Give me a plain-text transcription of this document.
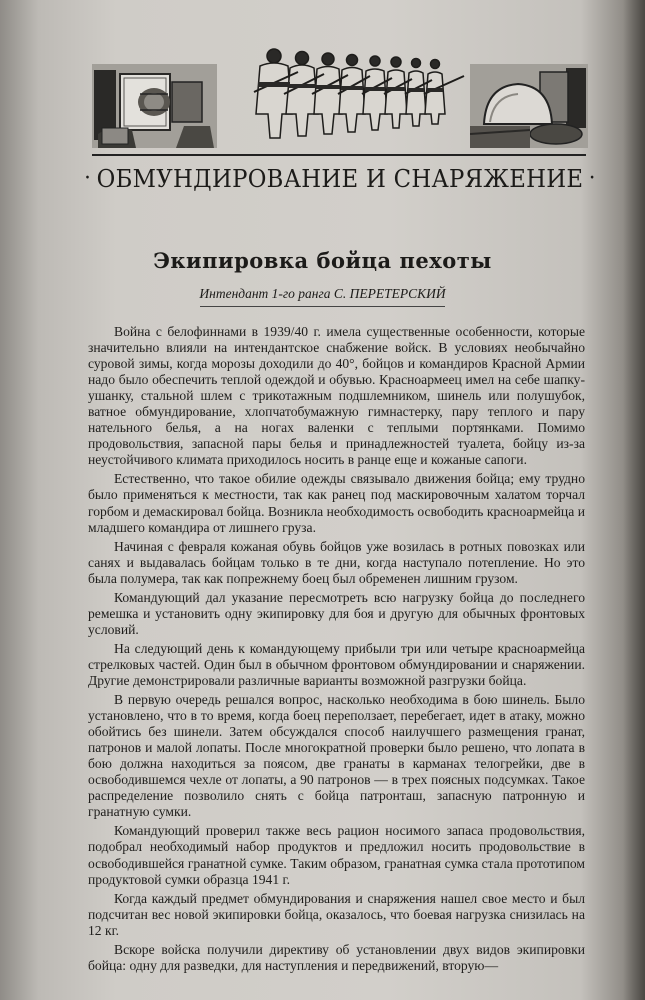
· ОБМУНДИРОВАНИЕ И СНАРЯЖЕНИЕ ·
Экипировка бойца пехоты
Интендант 1-го ранга С. ПЕРЕТЕРСКИЙ

Война с белофиннами в 1939/40 г. имела существенные особенности, которые значительно влияли на интендантское снабжение войск. В условиях необычайно суровой зимы, когда морозы доходили до 40°, бойцов и командиров Красной Армии надо было обеспечить теплой одеждой и обувью. Красноармеец имел на себе шапку-ушанку, стальной шлем с трикотажным подшлемником, шинель или полушубок, ватное обмундирование, хлопчатобумажную гимнастерку, пару теплого и пару нательного белья, а на ногах валенки с теплыми портянками. Помимо продовольствия, запасной пары белья и принадлежностей туалета, бойцу из-за неустойчивого климата приходилось носить в ранце еще и кожаные сапоги.

Естественно, что такое обилие одежды связывало движения бойца; ему трудно было применяться к местности, так как ранец под маскировочным халатом торчал горбом и демаскировал бойца. Возникла необходимость освободить красноармейца и младшего командира от лишнего груза.

Начиная с февраля кожаная обувь бойцов уже возилась в ротных повозках или санях и выдавалась бойцам только в те дни, когда наступало потепление. Но это была полумера, так как попрежнему боец был обременен лишним грузом.

Командующий дал указание пересмотреть всю нагрузку бойца до последнего ремешка и установить одну экипировку для боя и другую для обычных фронтовых условий.

На следующий день к командующему прибыли три или четыре красноармейца стрелковых частей. Один был в обычном фронтовом обмундировании и снаряжении. Другие демонстрировали различные варианты возможной разгрузки бойца.

В первую очередь решался вопрос, насколько необходима в бою шинель. Было установлено, что в то время, когда боец переползает, перебегает, идет в атаку, можно обойтись без шинели. Затем обсуждался способ наилучшего размещения гранат, патронов и малой лопаты. После многократной проверки было решено, что лопата в бою должна находиться за поясом, две гранаты в карманах телогрейки, две в освободившемся чехле от лопаты, а 90 патронов — в трех поясных подсумках. Такое распределение позволило снять с бойца патронташ, запасную патронную и гранатную сумки.

Командующий проверил также весь рацион носимого запаса продовольствия, подобрал необходимый набор продуктов и предложил носить продовольствие в освободившейся гранатной сумке. Таким образом, гранатная сумка стала прототипом продуктовой сумки образца 1941 г.

Когда каждый предмет обмундирования и снаряжения нашел свое место и был подсчитан вес новой экипировки бойца, оказалось, что боевая нагрузка снизилась на 12 кг.

Вскоре войска получили директиву об установлении двух видов экипировки бойца: одну для разведки, для наступления и передвижений, вторую—
